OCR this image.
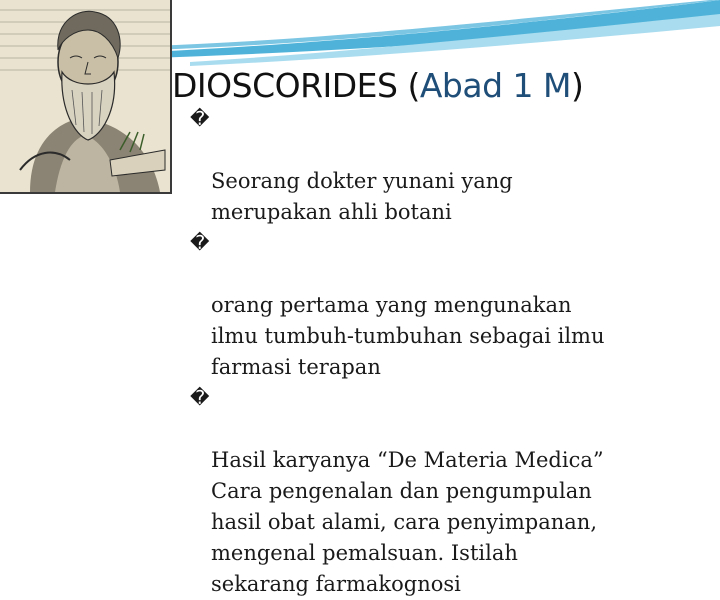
DIOSCORIDES (Abad 1 M)

�

Seorang dokter yunani yang
merupakan ahli botani

�

orang pertama yang mengunakan
ilmu tumbuh-tumbuhan sebagai ilmu
farmasi terapan

�

Hasil karyanya “De Materia Medica”
Cara pengenalan dan pengumpulan
hasil obat alami, cara penyimpanan,
mengenal pemalsuan. Istilah
sekarang farmakognosi
